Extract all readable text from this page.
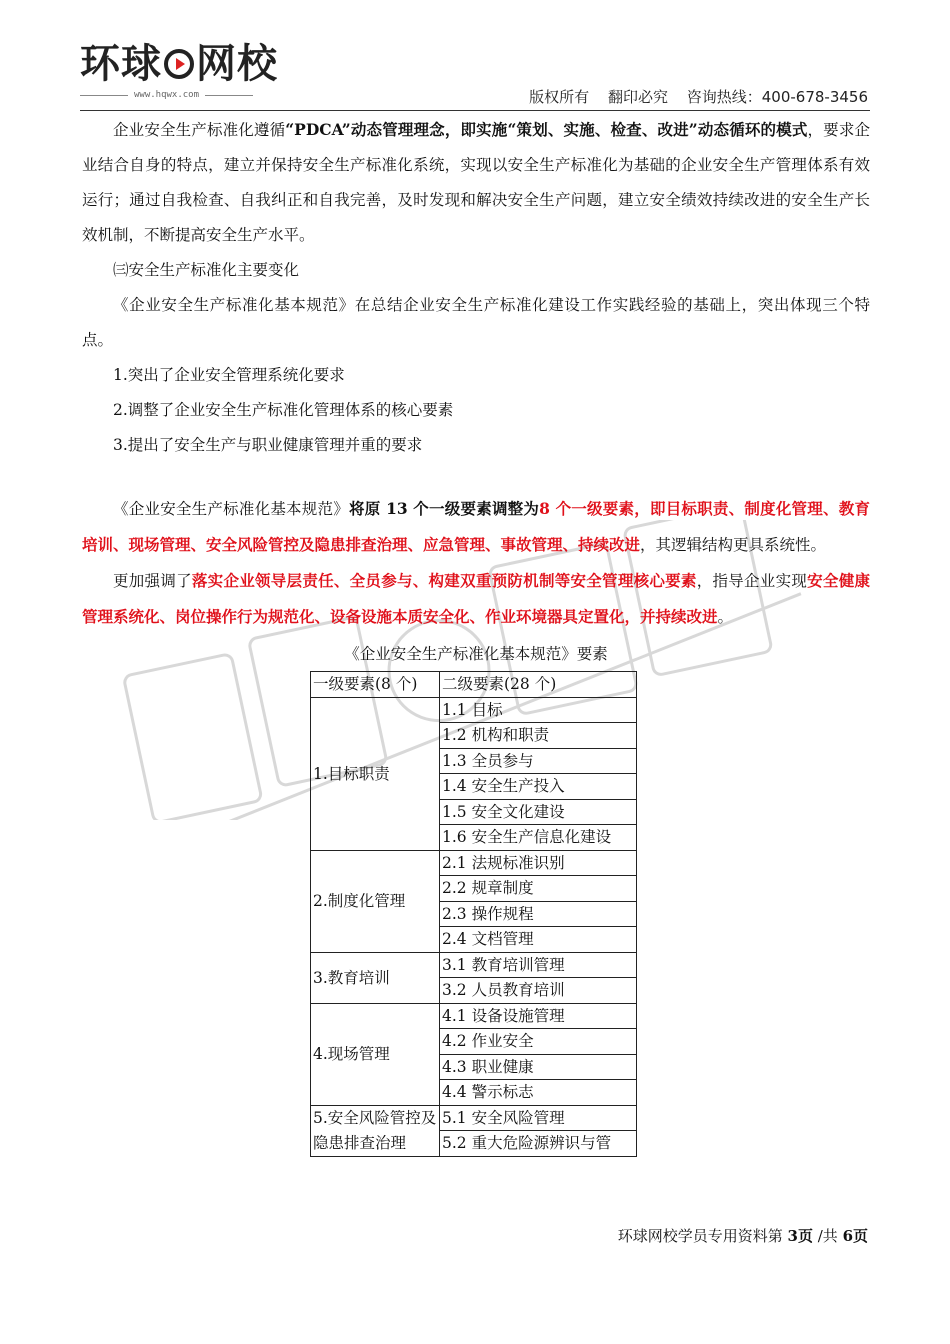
环球 网校
www.hqwx.com	版权所有 翻印必究 咨询热线：400-678-3456

企业安全生产标准化遵循“PDCA”动态管理理念，即实施“策划、实施、检查、改进”动态循环的模式，要求企业结合自身的特点，建立并保持安全生产标准化系统，实现以安全生产标准化为基础的企业安全生产管理体系有效运行；通过自我检查、自我纠正和自我完善，及时发现和解决安全生产问题，建立安全绩效持续改进的安全生产长效机制，不断提高安全生产水平。

㈢安全生产标准化主要变化

《企业安全生产标准化基本规范》在总结企业安全生产标准化建设工作实践经验的基础上，突出体现三个特点。

1.突出了企业安全管理系统化要求

2.调整了企业安全生产标准化管理体系的核心要素

3.提出了安全生产与职业健康管理并重的要求

《企业安全生产标准化基本规范》将原 13 个一级要素调整为8 个一级要素，即目标职责、制度化管理、教育培训、现场管理、安全风险管控及隐患排查治理、应急管理、事故管理、持续改进，其逻辑结构更具系统性。

更加强调了落实企业领导层责任、全员参与、构建双重预防机制等安全管理核心要素，指导企业实现安全健康管理系统化、岗位操作行为规范化、设备设施本质安全化、作业环境器具定置化，并持续改进。

《企业安全生产标准化基本规范》要素
一级要素(8 个)	二级要素(28 个)
1.目标职责	1.1 目标
	1.2 机构和职责
	1.3 全员参与
	1.4 安全生产投入
	1.5 安全文化建设
	1.6 安全生产信息化建设
2.制度化管理	2.1 法规标准识别
	2.2 规章制度
	2.3 操作规程
	2.4 文档管理
3.教育培训	3.1 教育培训管理
	3.2 人员教育培训
4.现场管理	4.1 设备设施管理
	4.2 作业安全
	4.3 职业健康
	4.4 警示标志
5.安全风险管控及隐患排查治理	5.1 安全风险管理
	5.2 重大危险源辨识与管
环球网校学员专用资料第 3页 /共 6页
